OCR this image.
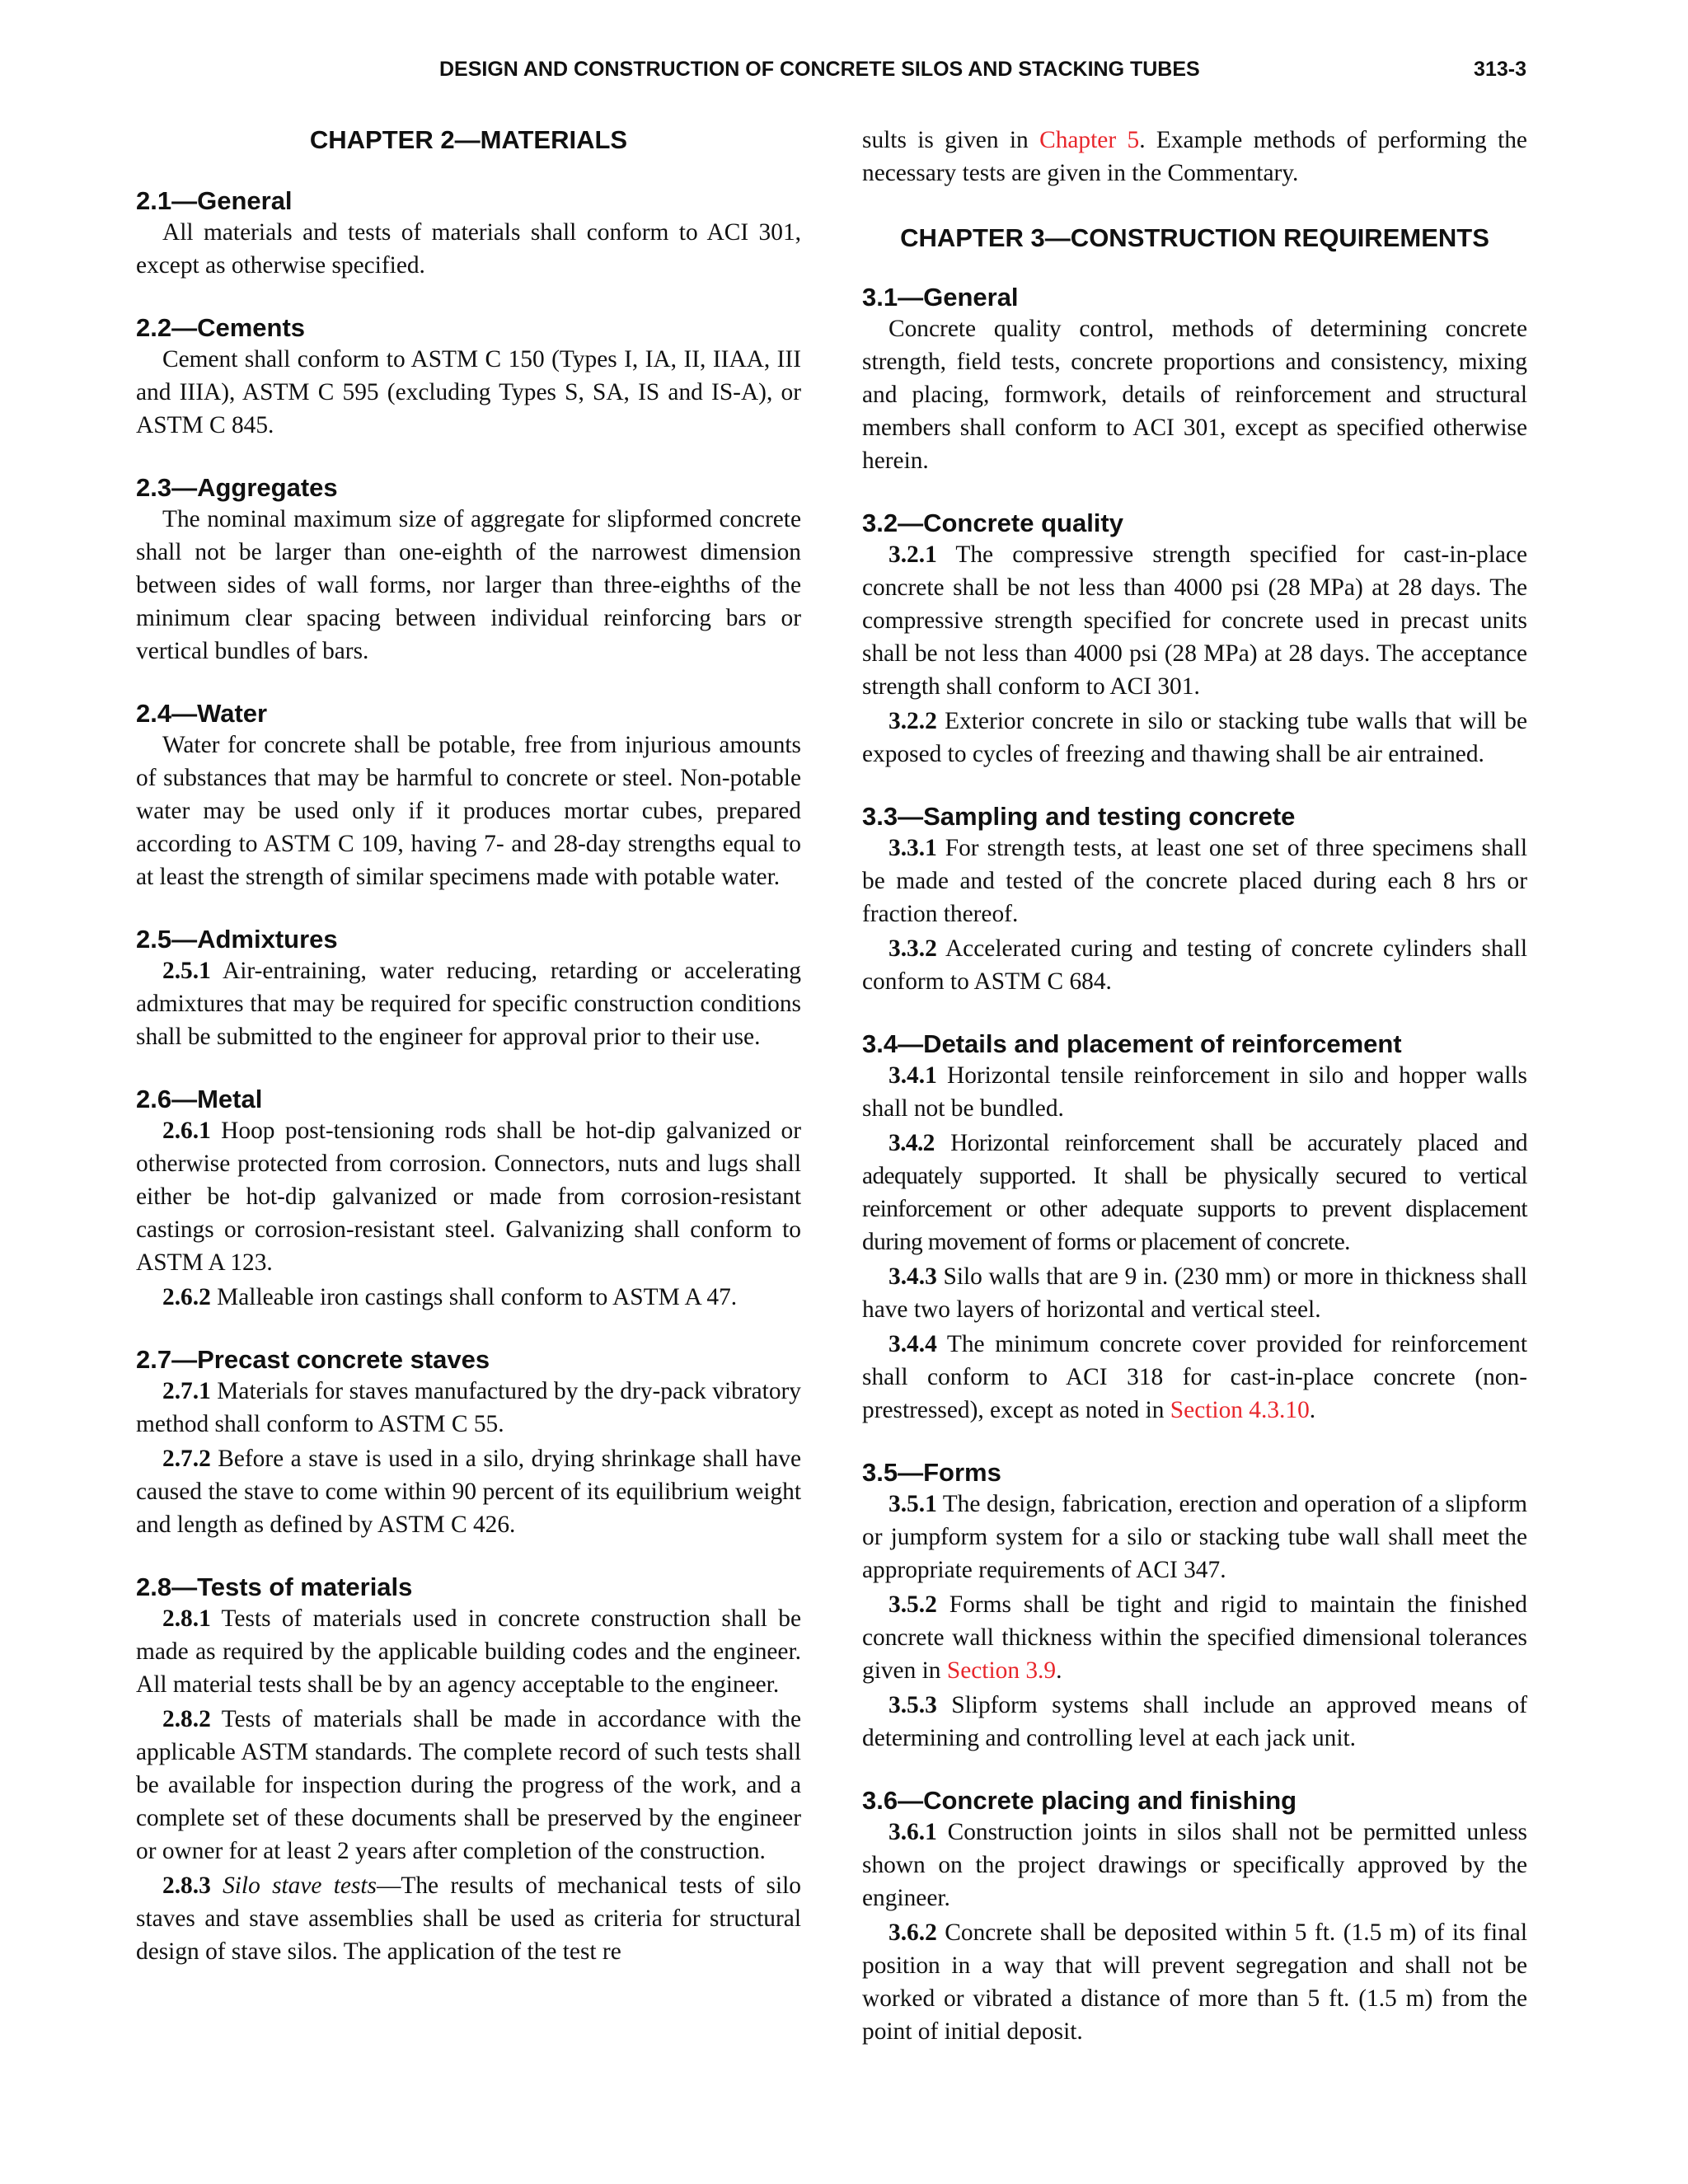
DESIGN AND CONSTRUCTION OF CONCRETE SILOS AND STACKING TUBES	313-3
CHAPTER 2—MATERIALS
2.1—General

All materials and tests of materials shall conform to ACI 301, except as otherwise specified.

2.2—Cements

Cement shall conform to ASTM C 150 (Types I, IA, II, IIAA, III and IIIA), ASTM C 595 (excluding Types S, SA, IS and IS-A), or ASTM C 845.

2.3—Aggregates

The nominal maximum size of aggregate for slipformed concrete shall not be larger than one-eighth of the narrowest dimension between sides of wall forms, nor larger than three-eighths of the minimum clear spacing between individual reinforcing bars or vertical bundles of bars.

2.4—Water

Water for concrete shall be potable, free from injurious amounts of substances that may be harmful to concrete or steel. Non-potable water may be used only if it produces mortar cubes, prepared according to ASTM C 109, having 7- and 28-day strengths equal to at least the strength of similar specimens made with potable water.

2.5—Admixtures

2.5.1 Air-entraining, water reducing, retarding or accelerating admixtures that may be required for specific construction conditions shall be submitted to the engineer for approval prior to their use.

2.6—Metal

2.6.1 Hoop post-tensioning rods shall be hot-dip galvanized or otherwise protected from corrosion. Connectors, nuts and lugs shall either be hot-dip galvanized or made from corrosion-resistant castings or corrosion-resistant steel. Galvanizing shall conform to ASTM A 123.

2.6.2 Malleable iron castings shall conform to ASTM A 47.

2.7—Precast concrete staves

2.7.1 Materials for staves manufactured by the dry-pack vibratory method shall conform to ASTM C 55.

2.7.2 Before a stave is used in a silo, drying shrinkage shall have caused the stave to come within 90 percent of its equilibrium weight and length as defined by ASTM C 426.

2.8—Tests of materials

2.8.1 Tests of materials used in concrete construction shall be made as required by the applicable building codes and the engineer. All material tests shall be by an agency acceptable to the engineer.

2.8.2 Tests of materials shall be made in accordance with the applicable ASTM standards. The complete record of such tests shall be available for inspection during the progress of the work, and a complete set of these documents shall be preserved by the engineer or owner for at least 2 years after completion of the construction.

2.8.3 Silo stave tests—The results of mechanical tests of silo staves and stave assemblies shall be used as criteria for structural design of stave silos. The application of the test re

sults is given in Chapter 5. Example methods of performing the necessary tests are given in the Commentary.

CHAPTER 3—CONSTRUCTION REQUIREMENTS
3.1—General

Concrete quality control, methods of determining concrete strength, field tests, concrete proportions and consistency, mixing and placing, formwork, details of reinforcement and structural members shall conform to ACI 301, except as specified otherwise herein.

3.2—Concrete quality

3.2.1 The compressive strength specified for cast-in-place concrete shall be not less than 4000 psi (28 MPa) at 28 days. The compressive strength specified for concrete used in precast units shall be not less than 4000 psi (28 MPa) at 28 days. The acceptance strength shall conform to ACI 301.

3.2.2 Exterior concrete in silo or stacking tube walls that will be exposed to cycles of freezing and thawing shall be air entrained.

3.3—Sampling and testing concrete

3.3.1 For strength tests, at least one set of three specimens shall be made and tested of the concrete placed during each 8 hrs or fraction thereof.

3.3.2 Accelerated curing and testing of concrete cylinders shall conform to ASTM C 684.

3.4—Details and placement of reinforcement

3.4.1 Horizontal tensile reinforcement in silo and hopper walls shall not be bundled.

3.4.2 Horizontal reinforcement shall be accurately placed and adequately supported. It shall be physically secured to vertical reinforcement or other adequate supports to prevent displacement during movement of forms or placement of concrete.

3.4.3 Silo walls that are 9 in. (230 mm) or more in thickness shall have two layers of horizontal and vertical steel.

3.4.4 The minimum concrete cover provided for reinforcement shall conform to ACI 318 for cast-in-place concrete (non-prestressed), except as noted in Section 4.3.10.

3.5—Forms

3.5.1 The design, fabrication, erection and operation of a slipform or jumpform system for a silo or stacking tube wall shall meet the appropriate requirements of ACI 347.

3.5.2 Forms shall be tight and rigid to maintain the finished concrete wall thickness within the specified dimensional tolerances given in Section 3.9.

3.5.3 Slipform systems shall include an approved means of determining and controlling level at each jack unit.

3.6—Concrete placing and finishing

3.6.1 Construction joints in silos shall not be permitted unless shown on the project drawings or specifically approved by the engineer.

3.6.2 Concrete shall be deposited within 5 ft. (1.5 m) of its final position in a way that will prevent segregation and shall not be worked or vibrated a distance of more than 5 ft. (1.5 m) from the point of initial deposit.
